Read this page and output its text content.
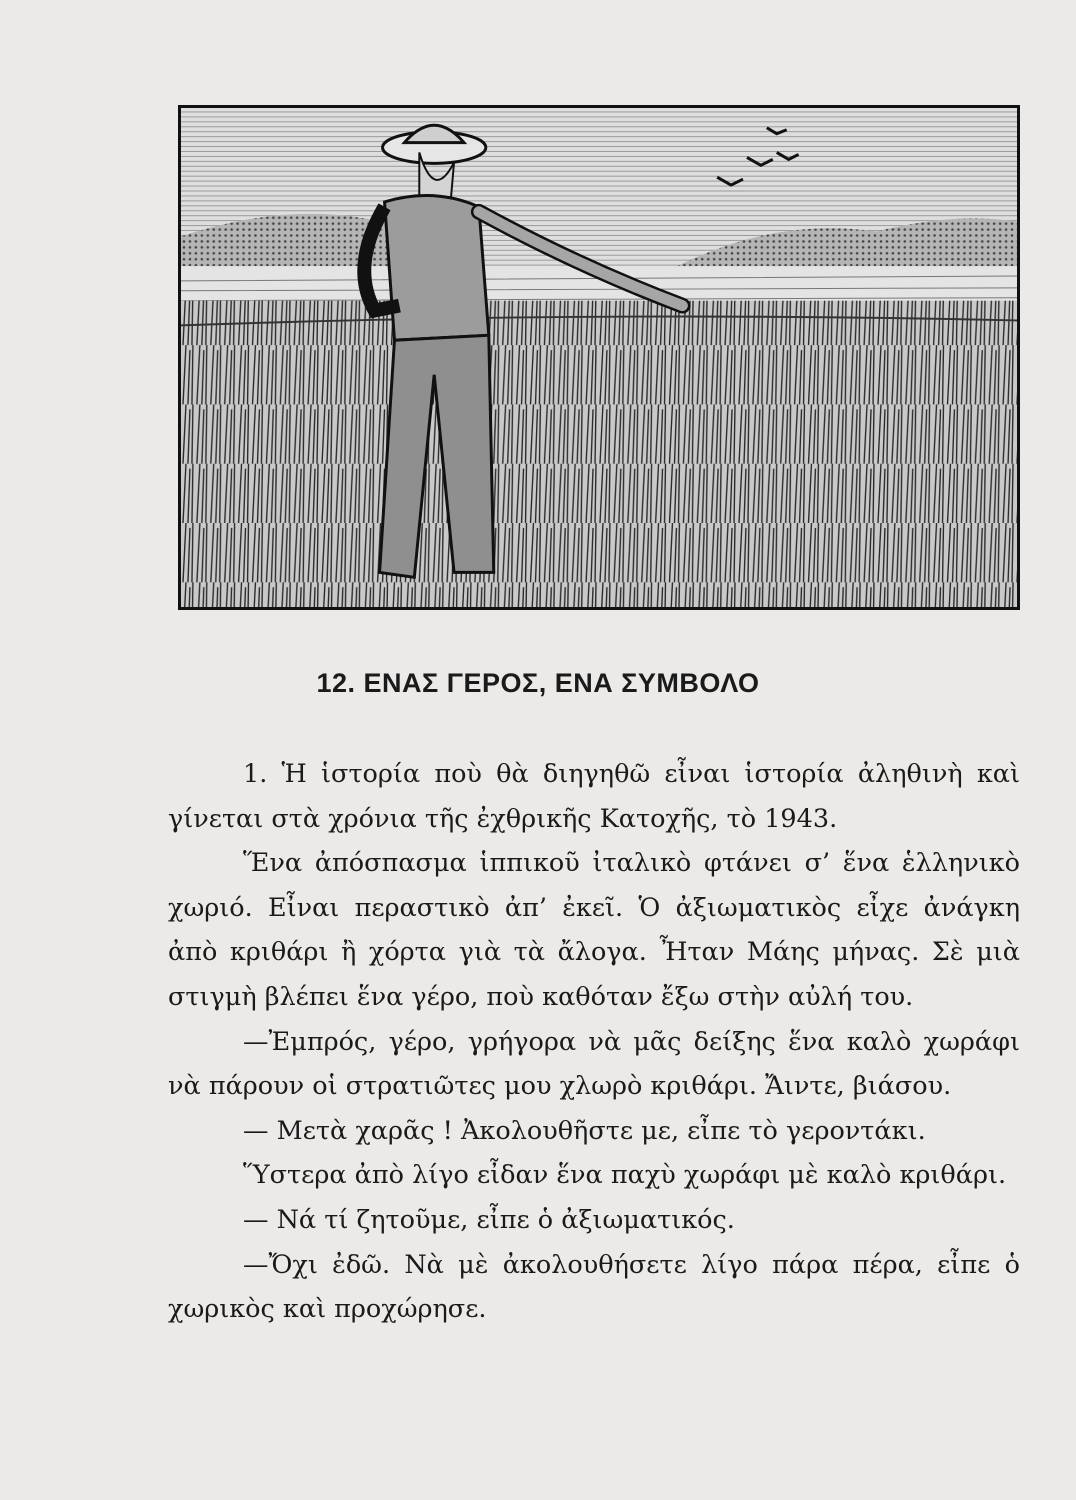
12. ΕΝΑΣ ΓΕΡΟΣ, ΕΝΑ ΣΥΜΒΟΛΟ

1. Ἡ ἱστορία ποὺ θὰ διηγηθῶ εἶναι ἱστορία ἀληθινὴ καὶ γίνεται στὰ χρόνια τῆς ἐχθρικῆς Κατοχῆς, τὸ 1943.

Ἕνα ἀπόσπασμα ἱππικοῦ ἰταλικὸ φτάνει σ’ ἕνα ἑλληνικὸ χωριό. Εἶναι περαστικὸ ἀπ’ ἐκεῖ. Ὁ ἀξιωματικὸς εἶχε ἀνάγκη ἀπὸ κριθάρι ἢ χόρτα γιὰ τὰ ἄλογα. Ἦταν Μάης μήνας. Σὲ μιὰ στιγμὴ βλέπει ἕνα γέρο, ποὺ καθόταν ἔξω στὴν αὐλή του.

—Ἐμπρός, γέρο, γρήγορα νὰ μᾶς δείξης ἕνα καλὸ χωράφι νὰ πάρουν οἱ στρατιῶτες μου χλωρὸ κριθάρι. Ἄιντε, βιάσου.

— Μετὰ χαρᾶς ! Ἀκολουθῆστε με, εἶπε τὸ γεροντάκι.

Ὕστερα ἀπὸ λίγο εἶδαν ἕνα παχὺ χωράφι μὲ καλὸ κριθάρι.

— Νά τί ζητοῦμε, εἶπε ὁ ἀξιωματικός.

—Ὄχι ἐδῶ. Νὰ μὲ ἀκολουθήσετε λίγο πάρα πέρα, εἶπε ὁ χωρικὸς καὶ προχώρησε.
